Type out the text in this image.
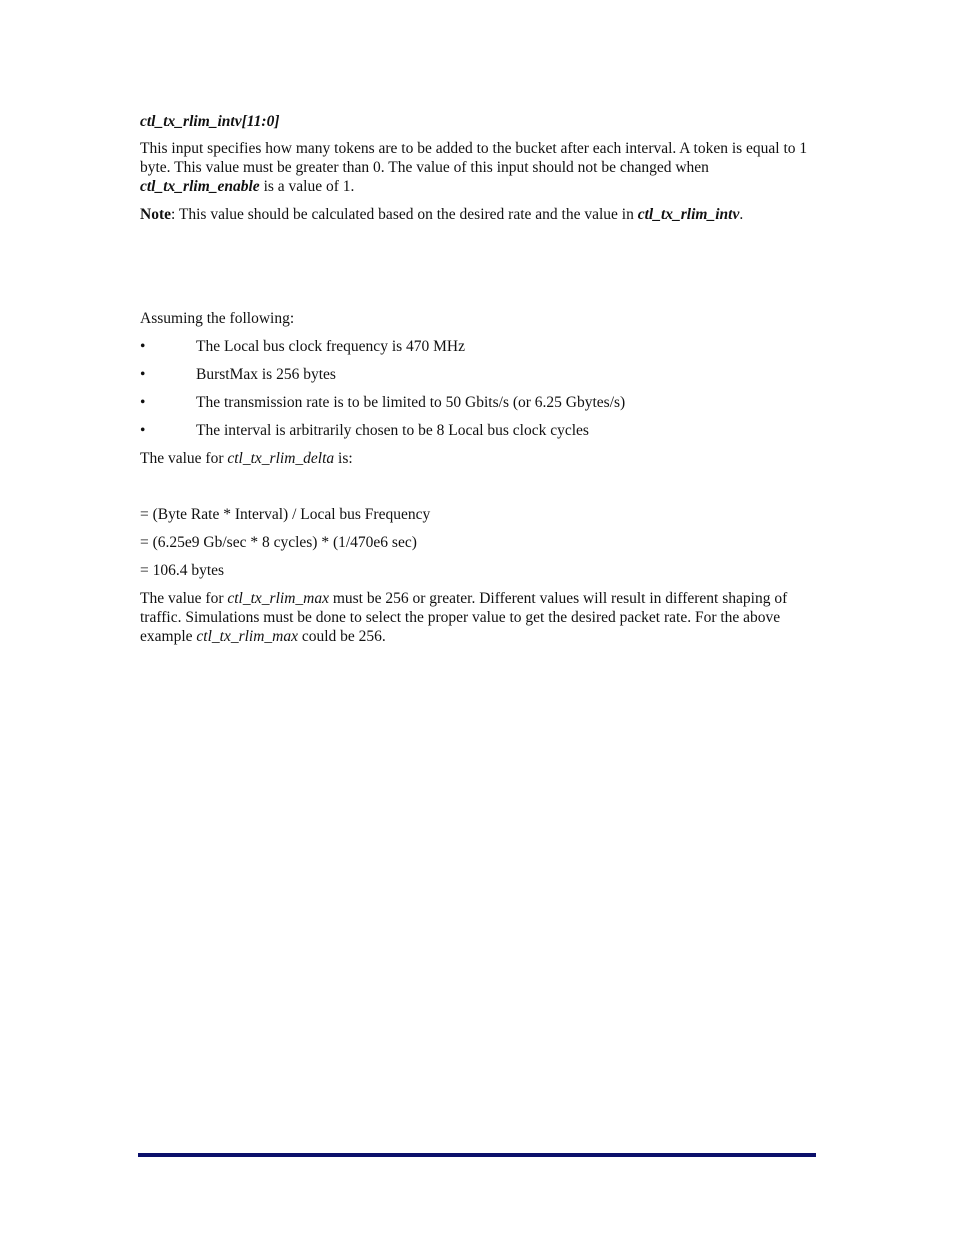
ctl_tx_rlim_intv[11:0]

This input specifies how many tokens are to be added to the bucket after each interval. A token is equal to 1 byte. This value must be greater than 0. The value of this input should not be changed when ctl_tx_rlim_enable is a value of 1.

Note: This value should be calculated based on the desired rate and the value in ctl_tx_rlim_intv.

Assuming the following:

•	The Local bus clock frequency is 470 MHz
•	BurstMax is 256 bytes
•	The transmission rate is to be limited to 50 Gbits/s (or 6.25 Gbytes/s)
•	The interval is arbitrarily chosen to be 8 Local bus clock cycles

The value for ctl_tx_rlim_delta is:

= (Byte Rate * Interval) / Local bus Frequency

= (6.25e9 Gb/sec * 8 cycles) * (1/470e6 sec)

= 106.4 bytes

The value for ctl_tx_rlim_max must be 256 or greater. Different values will result in different shaping of traffic. Simulations must be done to select the proper value to get the desired packet rate. For the above example ctl_tx_rlim_max could be 256.
